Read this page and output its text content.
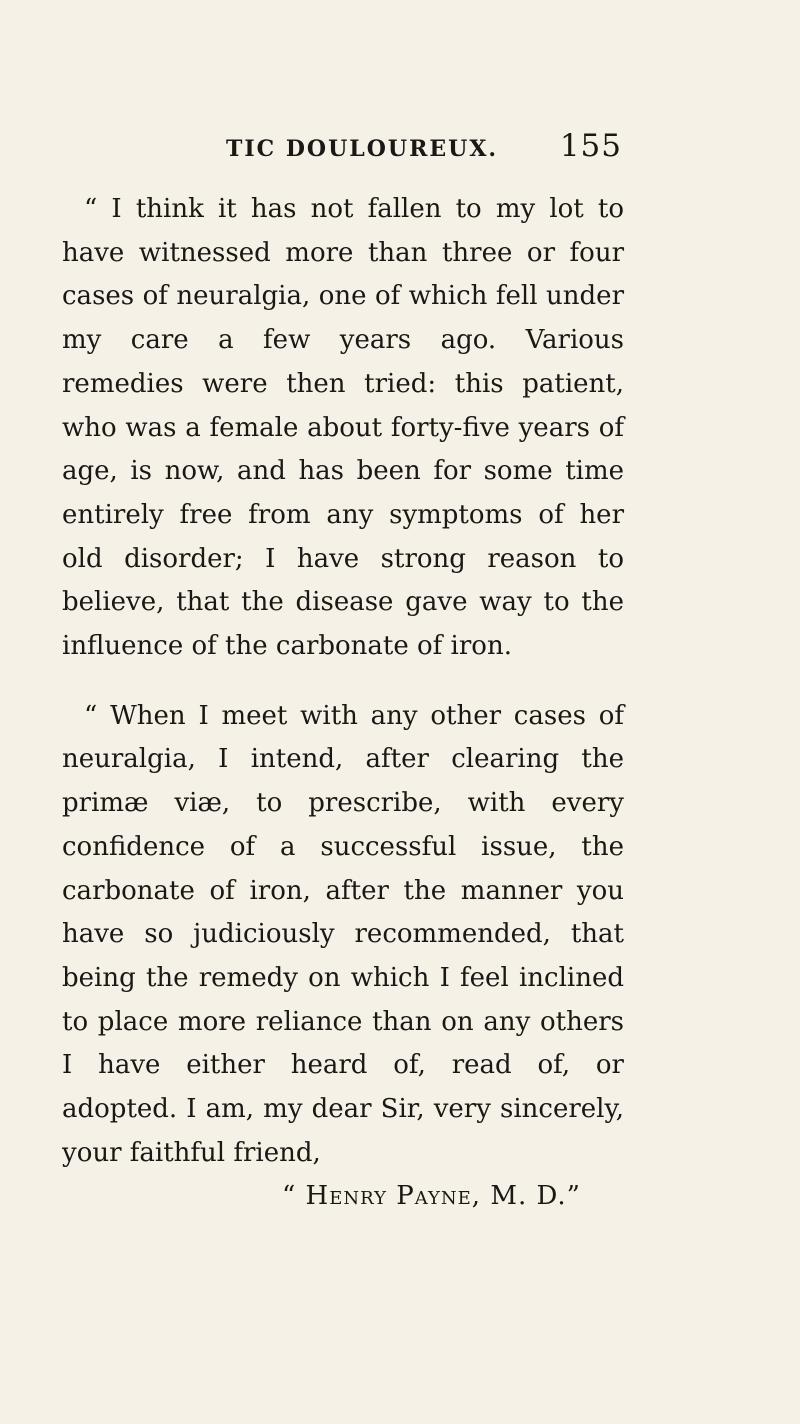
TIC DOULOUREUX. 155

“ I think it has not fallen to my lot to have witnessed more than three or four cases of neuralgia, one of which fell under my care a few years ago. Various remedies were then tried: this patient, who was a female about forty-five years of age, is now, and has been for some time entirely free from any symptoms of her old disorder; I have strong reason to believe, that the disease gave way to the influence of the carbonate of iron.

“ When I meet with any other cases of neuralgia, I intend, after clearing the primæ viæ, to prescribe, with every confidence of a successful issue, the carbonate of iron, after the manner you have so judiciously recommended, that being the remedy on which I feel inclined to place more reliance than on any others I have either heard of, read of, or adopted. I am, my dear Sir, very sincerely, your faithful friend,

“ Henry Payne, M. D.”
